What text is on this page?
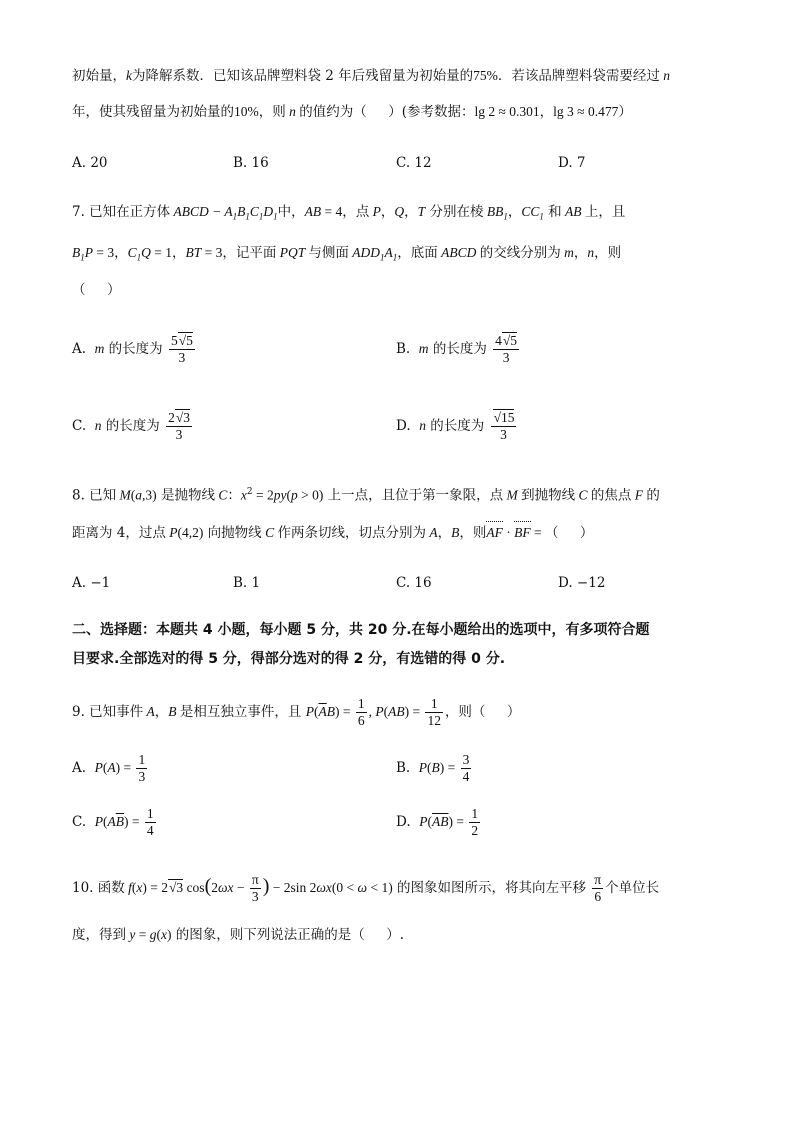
初始量，k为降解系数．已知该品牌塑料袋 2 年后残留量为初始量的75%．若该品牌塑料袋需要经过 n
年，使其残留量为初始量的10%，则 n 的值约为（     ）(参考数据：lg 2 ≈ 0.301，lg 3 ≈ 0.477）
A. 20	B. 16	C. 12	D. 7
7. 已知在正方体 ABCD − $A_1B_1C_1D_1$中，AB = 4，点 P，Q，T 分别在棱 $BB_1$，$CC_1$ 和 AB 上，且
$B_1P = 3$，$C_1Q = 1$，BT = 3，记平面 PQT 与侧面 $ADD_1A_1$，底面 ABCD 的交线分别为 m，n，则
（     ）
A.  m 的长度为 $\frac{5√5}{3}$	B.  m 的长度为 $\frac{4√5}{3}$
C.  n 的长度为 $\frac{2√3}{3}$	D.  n 的长度为 $\frac{√15}{3}$
8. 已知 M(a,3) 是抛物线 C：$x^2 = 2py(p > 0)$ 上一点，且位于第一象限，点 M 到抛物线 C 的焦点 F 的
距离为 4，过点 P(4,2) 向抛物线 C 作两条切线，切点分别为 A，B，则AF · BF = （     ）
A. −1	B. 1	C. 16	D. −12
二、选择题：本题共 4 小题，每小题 5 分，共 20 分.在每小题给出的选项中，有多项符合题
目要求.全部选对的得 5 分，得部分选对的得 2 分，有选错的得 0 分.
9. 已知事件 A，B 是相互独立事件，且 $P(\overline{A}B) = \frac{1}{6}$ , $P(AB) = \frac{1}{12}$ ，则（     ）
A.  $P(A) = \frac{1}{3}$	B.  $P(B) = \frac{3}{4}$
C.  $P(A\overline{B}) = \frac{1}{4}$	D.  $P(\overline{AB}) = \frac{1}{2}$
10. 函数 f(x) = 2√3 $\cos(2\omega x - \frac{\pi}{3}$ ) − 2sin 2ωx(0 < ω < 1) 的图象如图所示，将其向左平移 $\frac{\pi}{6}$ 个单位长
度，得到 y = g(x) 的图象，则下列说法正确的是（     ）.
